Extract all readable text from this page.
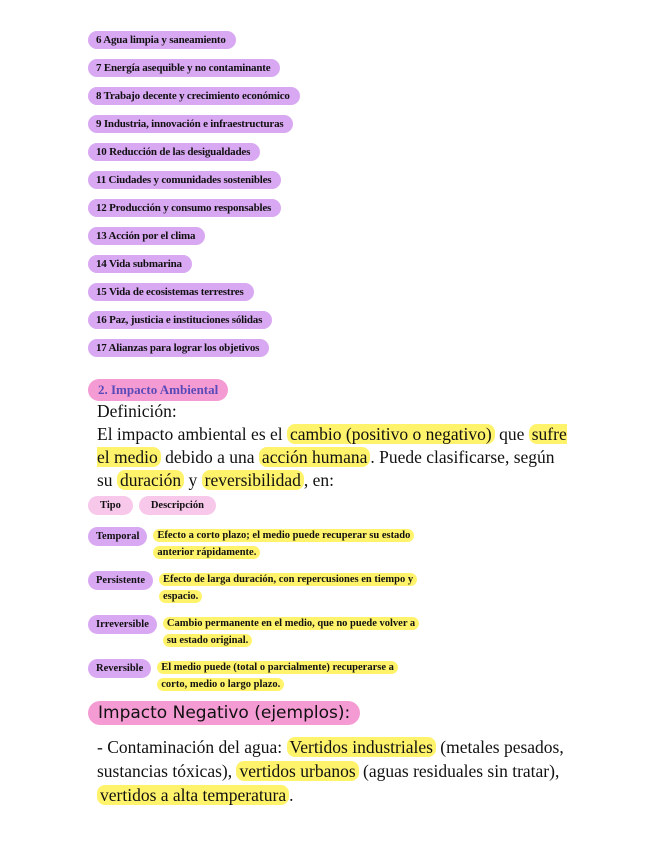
6 Agua limpia y saneamiento
7 Energía asequible y no contaminante
8 Trabajo decente y crecimiento económico
9 Industria, innovación e infraestructuras
10 Reducción de las desigualdades
11 Ciudades y comunidades sostenibles
12 Producción y consumo responsables
13 Acción por el clima
14 Vida submarina
15 Vida de ecosistemas terrestres
16 Paz, justicia e instituciones sólidas
17 Alianzas para lograr los objetivos
2. Impacto Ambiental
Definición:
El impacto ambiental es el cambio (positivo o negativo) que sufre el medio debido a una acción humana . Puede clasificarse, según su duración y reversibilidad , en:
Tipo	Descripción
Temporal	Efecto a corto plazo; el medio puede recuperar su estado anterior rápidamente.
Persistente	Efecto de larga duración, con repercusiones en tiempo y espacio.
Irreversible	Cambio permanente en el medio, que no puede volver a su estado original.
Reversible	El medio puede (total o parcialmente) recuperarse a corto, medio o largo plazo.
Impacto Negativo (ejemplos):
- Contaminación del agua: Vertidos industriales (metales pesados, sustancias tóxicas), vertidos urbanos (aguas residuales sin tratar), vertidos a alta temperatura .
